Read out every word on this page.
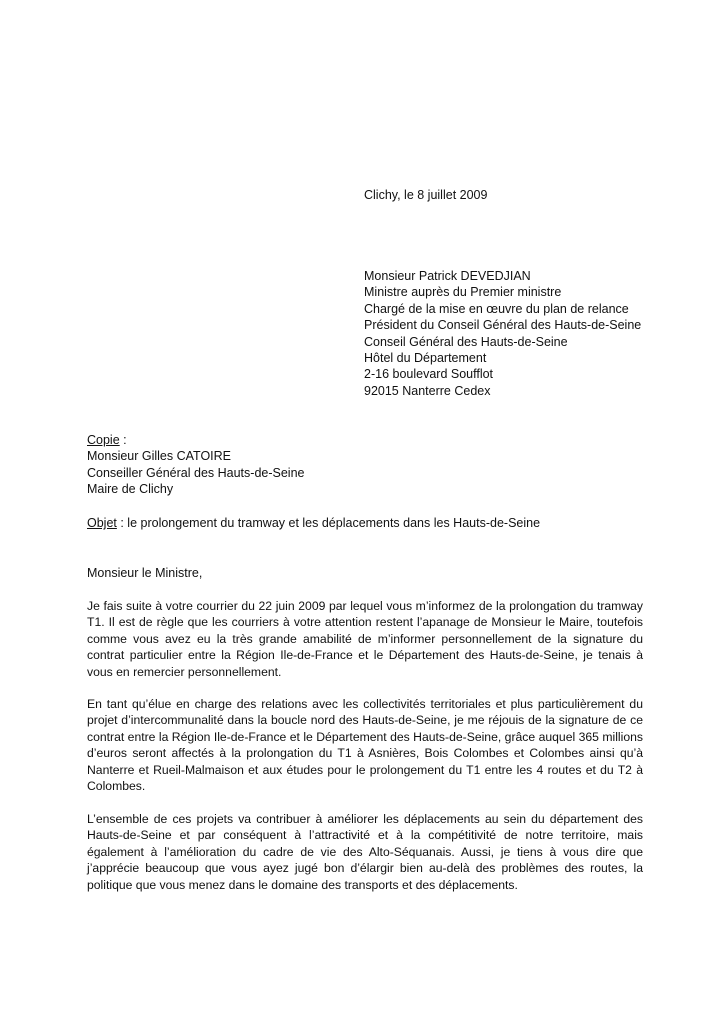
Clichy, le 8 juillet 2009
Monsieur Patrick DEVEDJIAN
Ministre auprès du Premier ministre
Chargé de la mise en œuvre du plan de relance
Président du Conseil Général des Hauts-de-Seine
Conseil Général des Hauts-de-Seine
Hôtel du Département
2-16 boulevard Soufflot
92015 Nanterre Cedex
Copie :
Monsieur Gilles CATOIRE
Conseiller Général des Hauts-de-Seine
Maire de Clichy
Objet : le prolongement du tramway et les déplacements dans les Hauts-de-Seine
Monsieur le Ministre,
Je fais suite à votre courrier du 22 juin 2009 par lequel vous m’informez de la prolongation du tramway T1. Il est de règle que les courriers à votre attention restent l’apanage de Monsieur le Maire, toutefois comme vous avez eu la très grande amabilité de m’informer personnellement de la signature du contrat particulier entre la Région Ile-de-France et le Département des Hauts-de-Seine, je tenais à vous en remercier personnellement.
En tant qu’élue en charge des relations avec les collectivités territoriales et plus particulièrement du projet d’intercommunalité dans la boucle nord des Hauts-de-Seine, je me réjouis de la signature de ce contrat entre la Région Ile-de-France et le Département des Hauts-de-Seine, grâce auquel 365 millions d’euros seront affectés à la prolongation du T1 à Asnières, Bois Colombes et Colombes ainsi qu’à Nanterre et Rueil-Malmaison et aux études pour le prolongement du T1 entre les 4 routes et du T2 à Colombes.
L’ensemble de ces projets va contribuer à améliorer les déplacements au sein du département des Hauts-de-Seine et par conséquent à l’attractivité et à la compétitivité de notre territoire, mais également à l’amélioration du cadre de vie des Alto-Séquanais. Aussi, je tiens à vous dire que j’apprécie beaucoup que vous ayez jugé bon d’élargir bien au-delà des problèmes des routes, la politique que vous menez dans le domaine des transports et des déplacements.
